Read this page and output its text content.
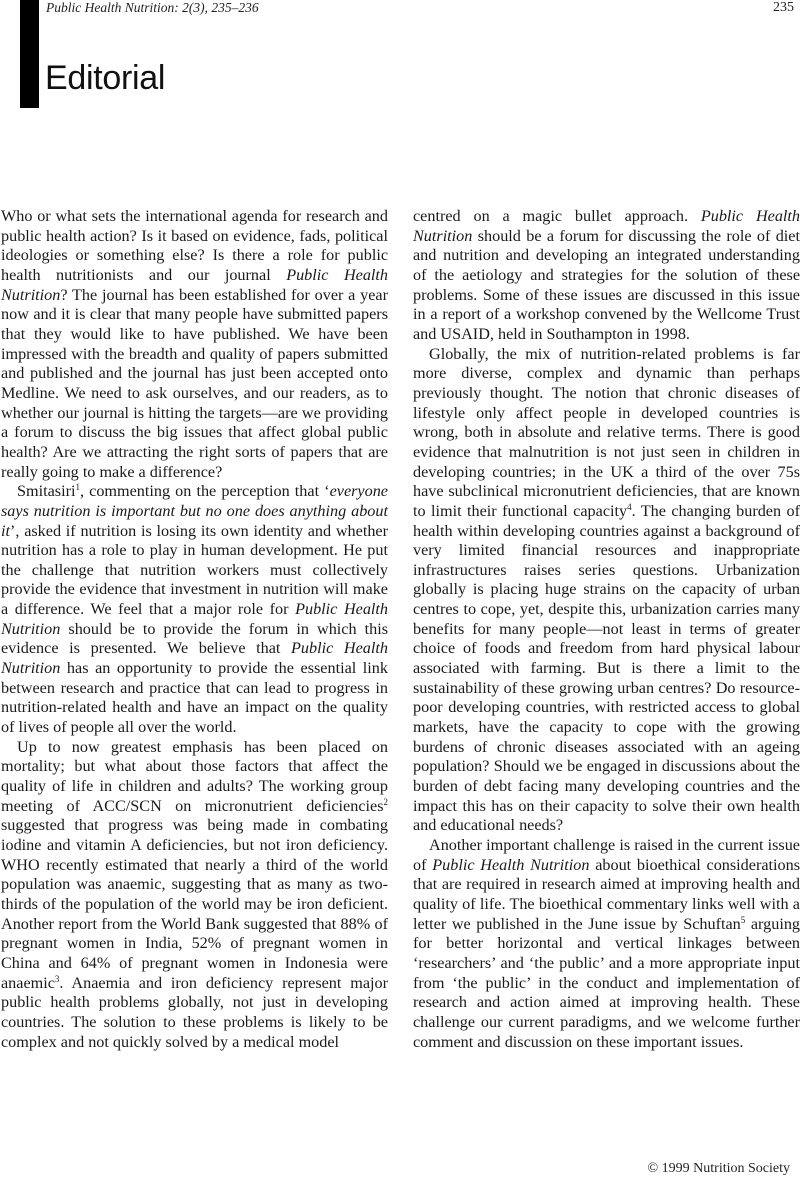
Public Health Nutrition: 2(3), 235–236	235
Editorial

Who or what sets the international agenda for research and public health action? Is it based on evidence, fads, political ideologies or something else? Is there a role for public health nutritionists and our journal Public Health Nutrition? The journal has been established for over a year now and it is clear that many people have submitted papers that they would like to have published. We have been impressed with the breadth and quality of papers submitted and published and the journal has just been accepted onto Medline. We need to ask ourselves, and our readers, as to whether our journal is hitting the targets—are we providing a forum to discuss the big issues that affect global public health? Are we attracting the right sorts of papers that are really going to make a difference?

Smitasiri$^1$, commenting on the perception that ‘everyone says nutrition is important but no one does anything about it’, asked if nutrition is losing its own identity and whether nutrition has a role to play in human development. He put the challenge that nutrition workers must collectively provide the evidence that investment in nutrition will make a difference. We feel that a major role for Public Health Nutrition should be to provide the forum in which this evidence is presented. We believe that Public Health Nutrition has an opportunity to provide the essential link between research and practice that can lead to progress in nutrition-related health and have an impact on the quality of lives of people all over the world.

Up to now greatest emphasis has been placed on mortality; but what about those factors that affect the quality of life in children and adults? The working group meeting of ACC/SCN on micronutrient deficiencies$^2$ suggested that progress was being made in combating iodine and vitamin A deficiencies, but not iron deficiency. WHO recently estimated that nearly a third of the world population was anaemic, suggesting that as many as two-thirds of the population of the world may be iron deficient. Another report from the World Bank suggested that 88% of pregnant women in India, 52% of pregnant women in China and 64% of pregnant women in Indonesia were anaemic$^3$. Anaemia and iron deficiency represent major public health problems globally, not just in developing countries. The solution to these problems is likely to be complex and not quickly solved by a medical model

centred on a magic bullet approach. Public Health Nutrition should be a forum for discussing the role of diet and nutrition and developing an integrated understanding of the aetiology and strategies for the solution of these problems. Some of these issues are discussed in this issue in a report of a workshop convened by the Wellcome Trust and USAID, held in Southampton in 1998.

Globally, the mix of nutrition-related problems is far more diverse, complex and dynamic than perhaps previously thought. The notion that chronic diseases of lifestyle only affect people in developed countries is wrong, both in absolute and relative terms. There is good evidence that malnutrition is not just seen in children in developing countries; in the UK a third of the over 75s have subclinical micronutrient deficiencies, that are known to limit their functional capacity$^4$. The changing burden of health within developing countries against a background of very limited financial resources and inappropriate infrastructures raises series questions. Urbanization globally is placing huge strains on the capacity of urban centres to cope, yet, despite this, urbanization carries many benefits for many people—not least in terms of greater choice of foods and freedom from hard physical labour associated with farming. But is there a limit to the sustainability of these growing urban centres? Do resource-poor developing countries, with restricted access to global markets, have the capacity to cope with the growing burdens of chronic diseases associated with an ageing population? Should we be engaged in discussions about the burden of debt facing many developing countries and the impact this has on their capacity to solve their own health and educational needs?

Another important challenge is raised in the current issue of Public Health Nutrition about bioethical considerations that are required in research aimed at improving health and quality of life. The bioethical commentary links well with a letter we published in the June issue by Schuftan$^5$ arguing for better horizontal and vertical linkages between ‘researchers’ and ‘the public’ and a more appropriate input from ‘the public’ in the conduct and implementation of research and action aimed at improving health. These challenge our current paradigms, and we welcome further comment and discussion on these important issues.

© 1999 Nutrition Society
